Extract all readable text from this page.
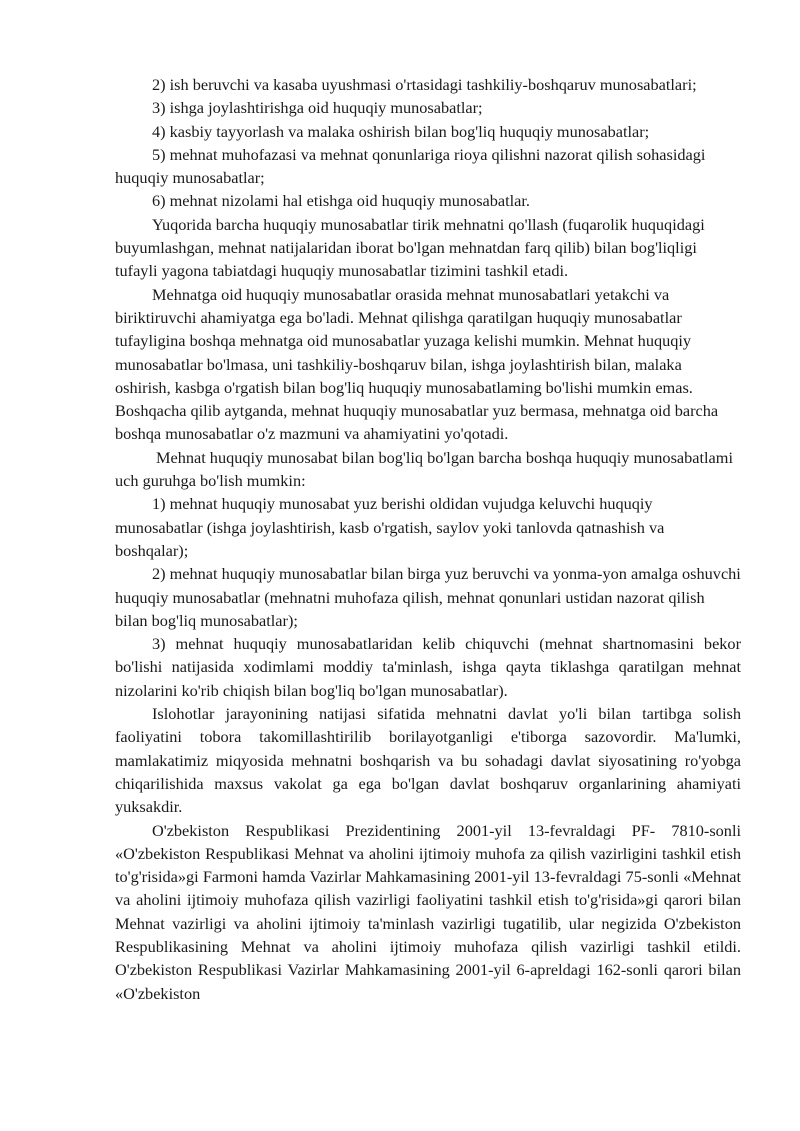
2) ish beruvchi va kasaba uyushmasi o'rtasidagi tashkiliy-boshqaruv munosabatlari;

3) ishga joylashtirishga oid huquqiy munosabatlar;

4) kasbiy tayyorlash va malaka oshirish bilan bog'liq huquqiy munosabatlar;

5) mehnat muhofazasi va mehnat qonunlariga rioya qilishni nazorat qilish sohasidagi huquqiy munosabatlar;

6) mehnat nizolami hal etishga oid huquqiy munosabatlar.

Yuqorida barcha huquqiy munosabatlar tirik mehnatni qo'llash (fuqarolik huquqidagi buyumlashgan, mehnat natijalaridan iborat bo'lgan mehnatdan farq qilib) bilan bog'liqligi tufayli yagona tabiatdagi huquqiy munosabatlar tizimini tashkil etadi.

Mehnatga oid huquqiy munosabatlar orasida mehnat munosabatlari yetakchi va biriktiruvchi ahamiyatga ega bo'ladi. Mehnat qilishga qaratilgan huquqiy munosabatlar tufayligina boshqa mehnatga oid munosabatlar yuzaga kelishi mumkin. Mehnat huquqiy munosabatlar bo'lmasa, uni tashkiliy-boshqaruv bilan, ishga joylashtirish bilan, malaka oshirish, kasbga o'rgatish bilan bog'liq huquqiy munosabatlaming bo'lishi mumkin emas. Boshqacha qilib aytganda, mehnat huquqiy munosabatlar yuz bermasa, mehnatga oid barcha boshqa munosabatlar o'z mazmuni va ahamiyatini yo'qotadi.

Mehnat huquqiy munosabat bilan bog'liq bo'lgan barcha boshqa huquqiy munosabatlami uch guruhga bo'lish mumkin:

1) mehnat huquqiy munosabat yuz berishi oldidan vujudga keluvchi huquqiy munosabatlar (ishga joylashtirish, kasb o'rgatish, saylov yoki tanlovda qatnashish va boshqalar);

2) mehnat huquqiy munosabatlar bilan birga yuz beruvchi va yonma-yon amalga oshuvchi huquqiy munosabatlar (mehnatni muhofaza qilish, mehnat qonunlari ustidan nazorat qilish bilan bog'liq munosabatlar);

3) mehnat huquqiy munosabatlaridan kelib chiquvchi (mehnat shartnomasini bekor bo'lishi natijasida xodimlami moddiy ta'minlash, ishga qayta tiklashga qaratilgan mehnat nizolarini ko'rib chiqish bilan bog'liq bo'lgan munosabatlar).

Islohotlar jarayonining natijasi sifatida mehnatni davlat yo'li bilan tartibga solish faoliyatini tobora takomillashtirilib borilayotganligi e'tiborga sazovordir. Ma'lumki, mamlakatimiz miqyosida mehnatni boshqarish va bu sohadagi davlat siyosatining ro'yobga chiqarilishida maxsus vakolat ga ega bo'lgan davlat boshqaruv organlarining ahamiyati yuksakdir.

O'zbekiston Respublikasi Prezidentining 2001-yil 13-fevraldagi PF- 7810-sonli «O'zbekiston Respublikasi Mehnat va aholini ijtimoiy muhofa za qilish vazirligini tashkil etish to'g'risida»gi Farmoni hamda Vazirlar Mahkamasining 2001-yil 13-fevraldagi 75-sonli «Mehnat va aholini ijtimoiy muhofaza qilish vazirligi faoliyatini tashkil etish to'g'risida»gi qarori bilan Mehnat vazirligi va aholini ijtimoiy ta'minlash vazirligi tugatilib, ular negizida O'zbekiston Respublikasining Mehnat va aholini ijtimoiy muhofaza qilish vazirligi tashkil etildi. O'zbekiston Respublikasi Vazirlar Mahkamasining 2001-yil 6-apreldagi 162-sonli qarori bilan «O'zbekiston
